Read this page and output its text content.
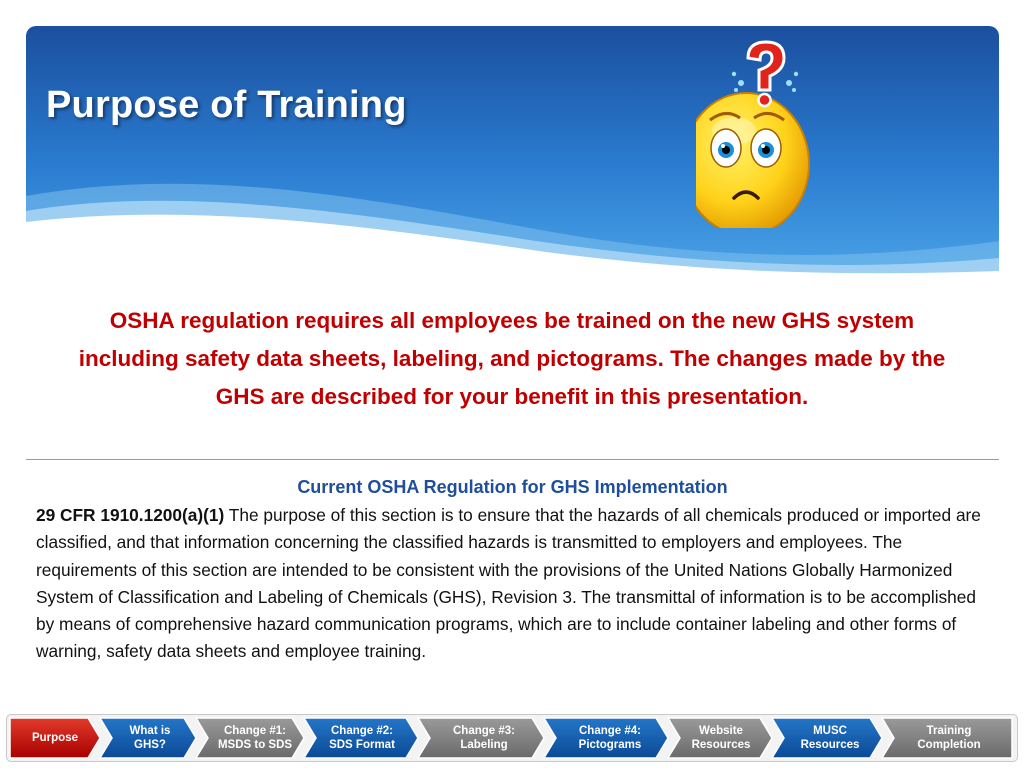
Purpose of Training

OSHA regulation requires all employees be trained on the new GHS system including safety data sheets, labeling, and pictograms. The changes made by the GHS are described for your benefit in this presentation.

Current OSHA Regulation for GHS Implementation

29 CFR 1910.1200(a)(1) The purpose of this section is to ensure that the hazards of all chemicals produced or imported are classified, and that information concerning the classified hazards is transmitted to employers and employees. The requirements of this section are intended to be consistent with the provisions of the United Nations Globally Harmonized System of Classification and Labeling of Chemicals (GHS), Revision 3. The transmittal of information is to be accomplished by means of comprehensive hazard communication programs, which are to include container labeling and other forms of warning, safety data sheets and employee training.

Purpose
What is
GHS?
Change #1:
MSDS to SDS
Change #2:
SDS Format
Change #3:
Labeling
Change #4:
Pictograms
Website
Resources
MUSC
Resources
Training
Completion
